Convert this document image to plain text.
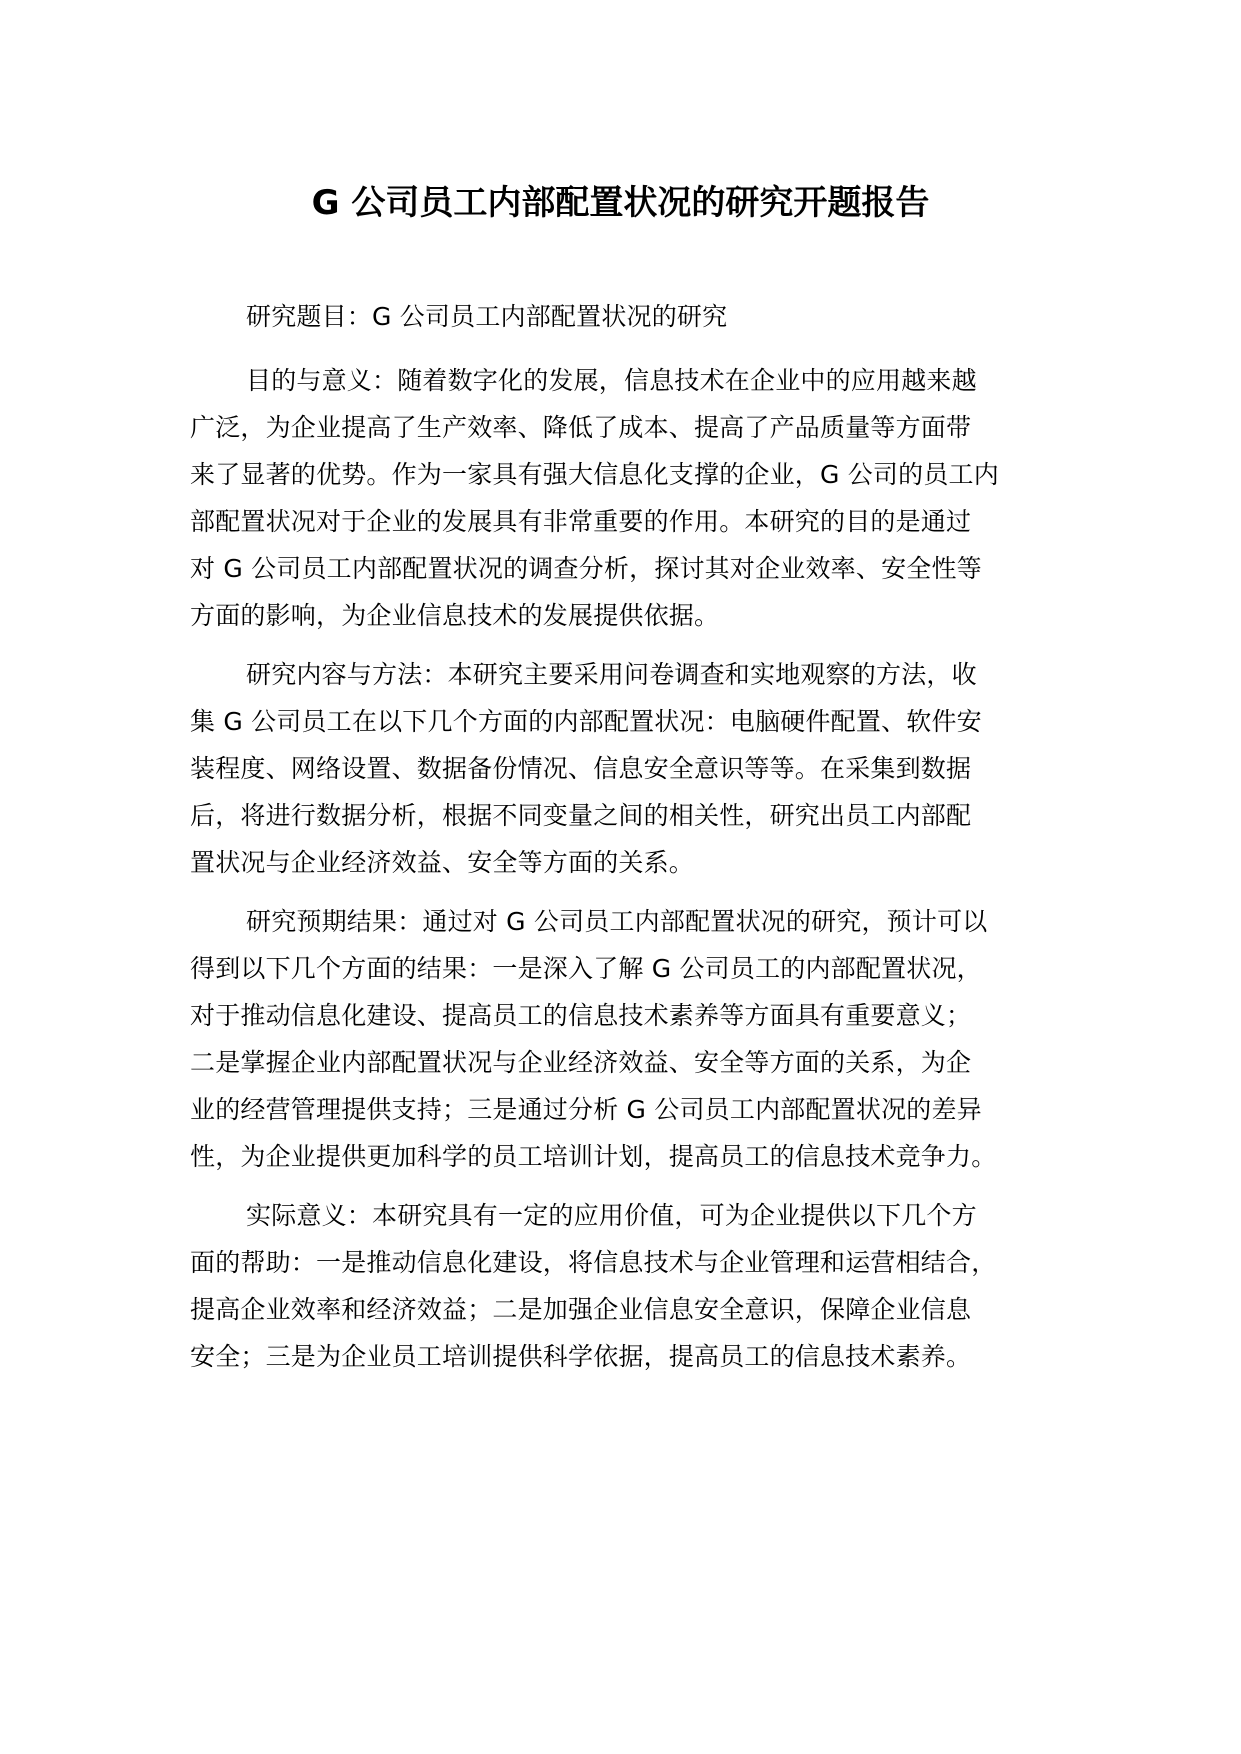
G 公司员工内部配置状况的研究开题报告
研究题目：G 公司员工内部配置状况的研究
目的与意义：随着数字化的发展，信息技术在企业中的应用越来越
广泛，为企业提高了生产效率、降低了成本、提高了产品质量等方面带
来了显著的优势。作为一家具有强大信息化支撑的企业，G 公司的员工内
部配置状况对于企业的发展具有非常重要的作用。本研究的目的是通过
对 G 公司员工内部配置状况的调查分析，探讨其对企业效率、安全性等
方面的影响，为企业信息技术的发展提供依据。
研究内容与方法：本研究主要采用问卷调查和实地观察的方法，收
集 G 公司员工在以下几个方面的内部配置状况：电脑硬件配置、软件安
装程度、网络设置、数据备份情况、信息安全意识等等。在采集到数据
后，将进行数据分析，根据不同变量之间的相关性，研究出员工内部配
置状况与企业经济效益、安全等方面的关系。
研究预期结果：通过对 G 公司员工内部配置状况的研究，预计可以
得到以下几个方面的结果：一是深入了解 G 公司员工的内部配置状况，
对于推动信息化建设、提高员工的信息技术素养等方面具有重要意义；
二是掌握企业内部配置状况与企业经济效益、安全等方面的关系，为企
业的经营管理提供支持；三是通过分析 G 公司员工内部配置状况的差异
性，为企业提供更加科学的员工培训计划，提高员工的信息技术竞争力。
实际意义：本研究具有一定的应用价值，可为企业提供以下几个方
面的帮助：一是推动信息化建设，将信息技术与企业管理和运营相结合，
提高企业效率和经济效益；二是加强企业信息安全意识，保障企业信息
安全；三是为企业员工培训提供科学依据，提高员工的信息技术素养。
